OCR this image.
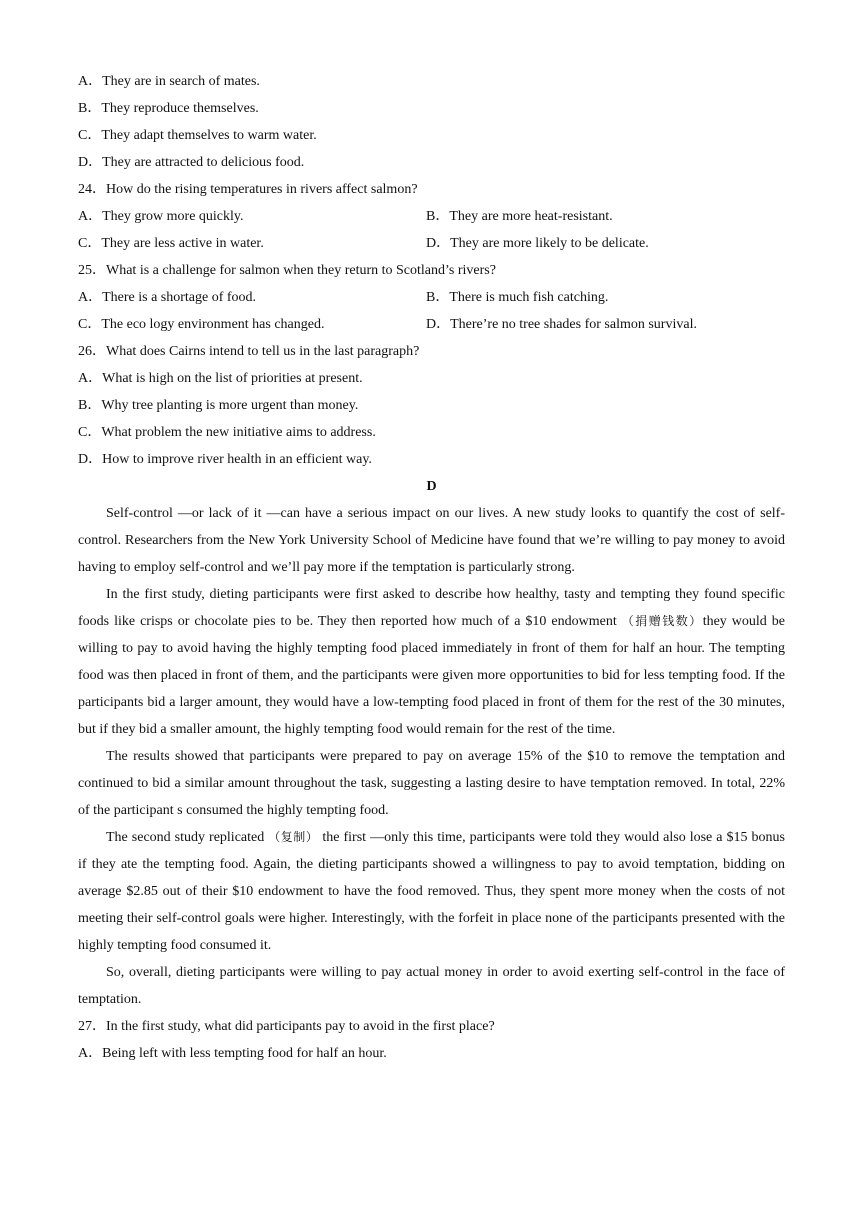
A．They are in search of mates.
B．They reproduce themselves.
C．They adapt themselves to warm water.
D．They are attracted to delicious food.
24．How do the rising temperatures in rivers affect salmon?
A．They grow more quickly.	B．They are more heat-resistant.
C．They are less active in water.	D．They are more likely to be delicate.
25．What is a challenge for salmon when they return to Scotland’s rivers?
A．There is a shortage of food.	B．There is much fish catching.
C．The eco logy environment has changed.	D．There’re no tree shades for salmon survival.
26．What does Cairns intend to tell us in the last paragraph?
A．What is high on the list of priorities at present.
B．Why tree planting is more urgent than money.
C．What problem the new initiative aims to address.
D．How to improve river health in an efficient way.
D

Self-control —or lack of it —can have a serious impact on our lives. A new study looks to quantify the cost of self-control. Researchers from the New York University School of Medicine have found that we’re willing to pay money to avoid having to employ self-control and we’ll pay more if the temptation is particularly strong.

In the first study, dieting participants were first asked to describe how healthy, tasty and tempting they found specific foods like crisps or chocolate pies to be. They then reported how much of a $10 endowment （捐赠钱数）they would be willing to pay to avoid having the highly tempting food placed immediately in front of them for half an hour. The tempting food was then placed in front of them, and the participants were given more opportunities to bid for less tempting food. If the participants bid a larger amount, they would have a low-tempting food placed in front of them for the rest of the 30 minutes, but if they bid a smaller amount, the highly tempting food would remain for the rest of the time.

The results showed that participants were prepared to pay on average 15% of the $10 to remove the temptation and continued to bid a similar amount throughout the task, suggesting a lasting desire to have temptation removed. In total, 22% of the participant s consumed the highly tempting food.

The second study replicated （复制） the first —only this time, participants were told they would also lose a $15 bonus if they ate the tempting food. Again, the dieting participants showed a willingness to pay to avoid temptation, bidding on average $2.85 out of their $10 endowment to have the food removed. Thus, they spent more money when the costs of not meeting their self-control goals were higher. Interestingly, with the forfeit in place none of the participants presented with the highly tempting food consumed it.

So, overall, dieting participants were willing to pay actual money in order to avoid exerting self-control in the face of temptation.

27．In the first study, what did participants pay to avoid in the first place?
A．Being left with less tempting food for half an hour.
